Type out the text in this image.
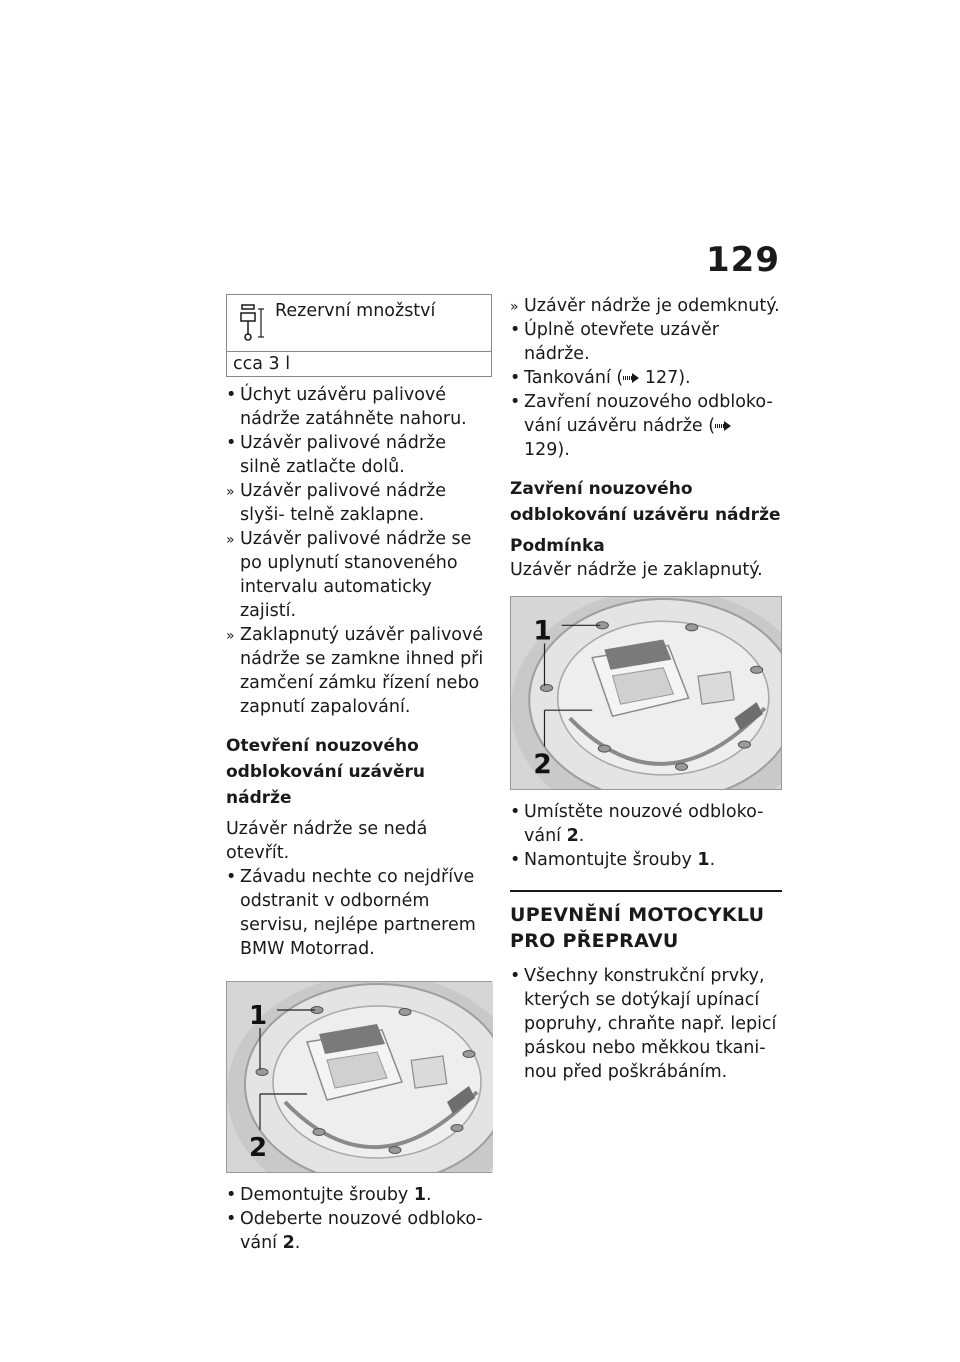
129
Rezervní množství
cca 3 l
• Úchyt uzávěru palivové nádrže zatáhněte nahoru.
• Uzávěr palivové nádrže silně zatlačte dolů.
» Uzávěr palivové nádrže slyši- telně zaklapne.
» Uzávěr palivové nádrže se po uplynutí stanoveného intervalu automaticky zajistí.
» Zaklapnutý uzávěr palivové nádrže se zamkne ihned při zamčení zámku řízení nebo zapnutí zapalování.
Otevření nouzového odblokování uzávěru nádrže

Uzávěr nádrže se nedá otevřít.

• Závadu nechte co nejdříve odstranit v odborném servisu, nejlépe partnerem BMW Motorrad.
1
2
• Demontujte šrouby 1.
• Odeberte nouzové odbloko- vání 2.
» Uzávěr nádrže je odemknutý.
• Úplně otevřete uzávěr nádrže.
• Tankování ( 127).
• Zavření nouzového odbloko- vání uzávěru nádrže ( 129).
Zavření nouzového odblokování uzávěru nádrže
Podmínka

Uzávěr nádrže je zaklapnutý.

1
2
• Umístěte nouzové odbloko- vání 2.
• Namontujte šrouby 1.
UPEVNĚNÍ MOTOCYKLU PRO PŘEPRAVU
• Všechny konstrukční prvky, kterých se dotýkají upínací popruhy, chraňte např. lepicí páskou nebo měkkou tkani- nou před poškrábáním.
